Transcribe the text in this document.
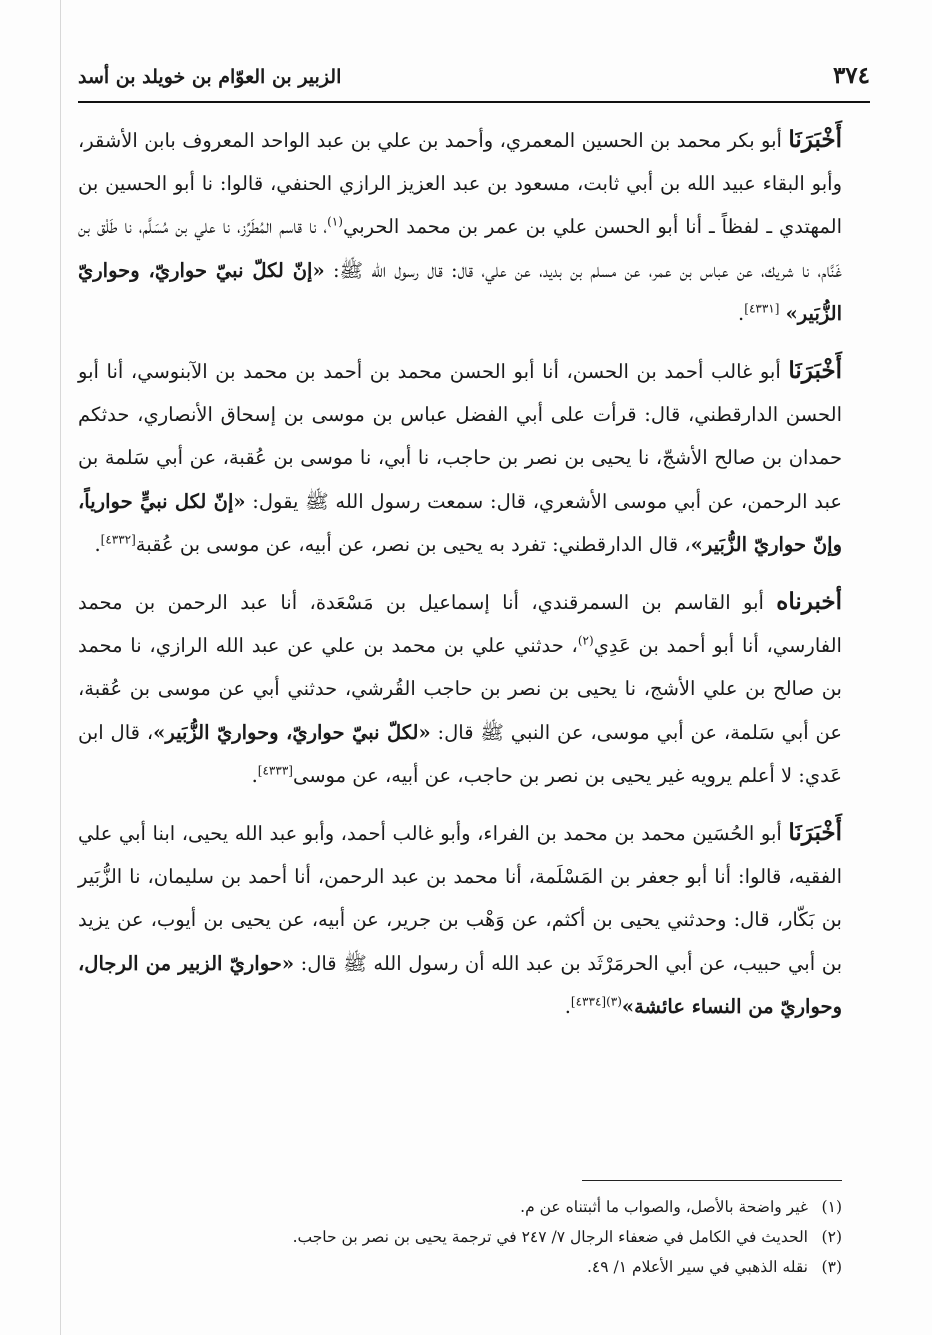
٣٧٤
الزبير بن العوّام بن خويلد بن أسد

أَخْبَرَنَا أبو بكر محمد بن الحسين المعمري، وأحمد بن علي بن عبد الواحد المعروف بابن الأشقر، وأبو البقاء عبيد الله بن أبي ثابت، مسعود بن عبد العزيز الرازي الحنفي، قالوا: نا أبو الحسين بن المهتدي ـ لفظاً ـ أنا أبو الحسن علي بن عمر بن محمد الحربي$^{(١)}$، نا قاسم المُطَرِّز، نا علي بن مُسَلَّم، نا طَلْق بن غَنَّام، نا شريك، عن عباس بن عمر، عن مسلم بن بديد، عن علي، قال: قال رسول الله ﷺ: «إنّ لكلّ نبيّ حواريّ، وحواريّ الزُّبَير» [٤٣٣١].

أَخْبَرَنَا أبو غالب أحمد بن الحسن، أنا أبو الحسن محمد بن أحمد بن محمد بن الآبنوسي، أنا أبو الحسن الدارقطني، قال: قرأت على أبي الفضل عباس بن موسى بن إسحاق الأنصاري، حدثكم حمدان بن صالح الأشجّ، نا يحيى بن نصر بن حاجب، نا أبي، نا موسى بن عُقبة، عن أبي سَلمة بن عبد الرحمن، عن أبي موسى الأشعري، قال: سمعت رسول الله ﷺ يقول: «إنّ لكل نبيٍّ حوارياً، وإنّ حواريّ الزُّبَير»، قال الدارقطني: تفرد به يحيى بن نصر، عن أبيه، عن موسى بن عُقبة[٤٣٣٢].

أخبرناه أبو القاسم بن السمرقندي، أنا إسماعيل بن مَسْعَدة، أنا عبد الرحمن بن محمد الفارسي، أنا أبو أحمد بن عَدِي$^{(٢)}$، حدثني علي بن محمد بن علي عن عبد الله الرازي، نا محمد بن صالح بن علي الأشج، نا يحيى بن نصر بن حاجب القُرشي، حدثني أبي عن موسى بن عُقبة، عن أبي سَلمة، عن أبي موسى، عن النبي ﷺ قال: «لكلّ نبيّ حواريّ، وحواريّ الزُّبَير»، قال ابن عَدي: لا أعلم يرويه غير يحيى بن نصر بن حاجب، عن أبيه، عن موسى[٤٣٣٣].

أَخْبَرَنَا أبو الحُسَين محمد بن محمد بن الفراء، وأبو غالب أحمد، وأبو عبد الله يحيى، ابنا أبي علي الفقيه، قالوا: أنا أبو جعفر بن المَسْلَمة، أنا محمد بن عبد الرحمن، أنا أحمد بن سليمان، نا الزُّبَير بن بَكّار، قال: وحدثني يحيى بن أكثم، عن وَهْب بن جرير، عن أبيه، عن يحيى بن أيوب، عن يزيد بن أبي حبيب، عن أبي الحرمَرْثَد بن عبد الله أن رسول الله ﷺ قال: «حواريّ الزبير من الرجال، وحواريّ من النساء عائشة»$^{(٣)[٤٣٣٤]}$.

(١)غير واضحة بالأصل، والصواب ما أثبتناه عن م.

(٢)الحديث في الكامل في ضعفاء الرجال ٧/ ٢٤٧ في ترجمة يحيى بن نصر بن حاجب.

(٣)نقله الذهبي في سير الأعلام ١/ ٤٩.
